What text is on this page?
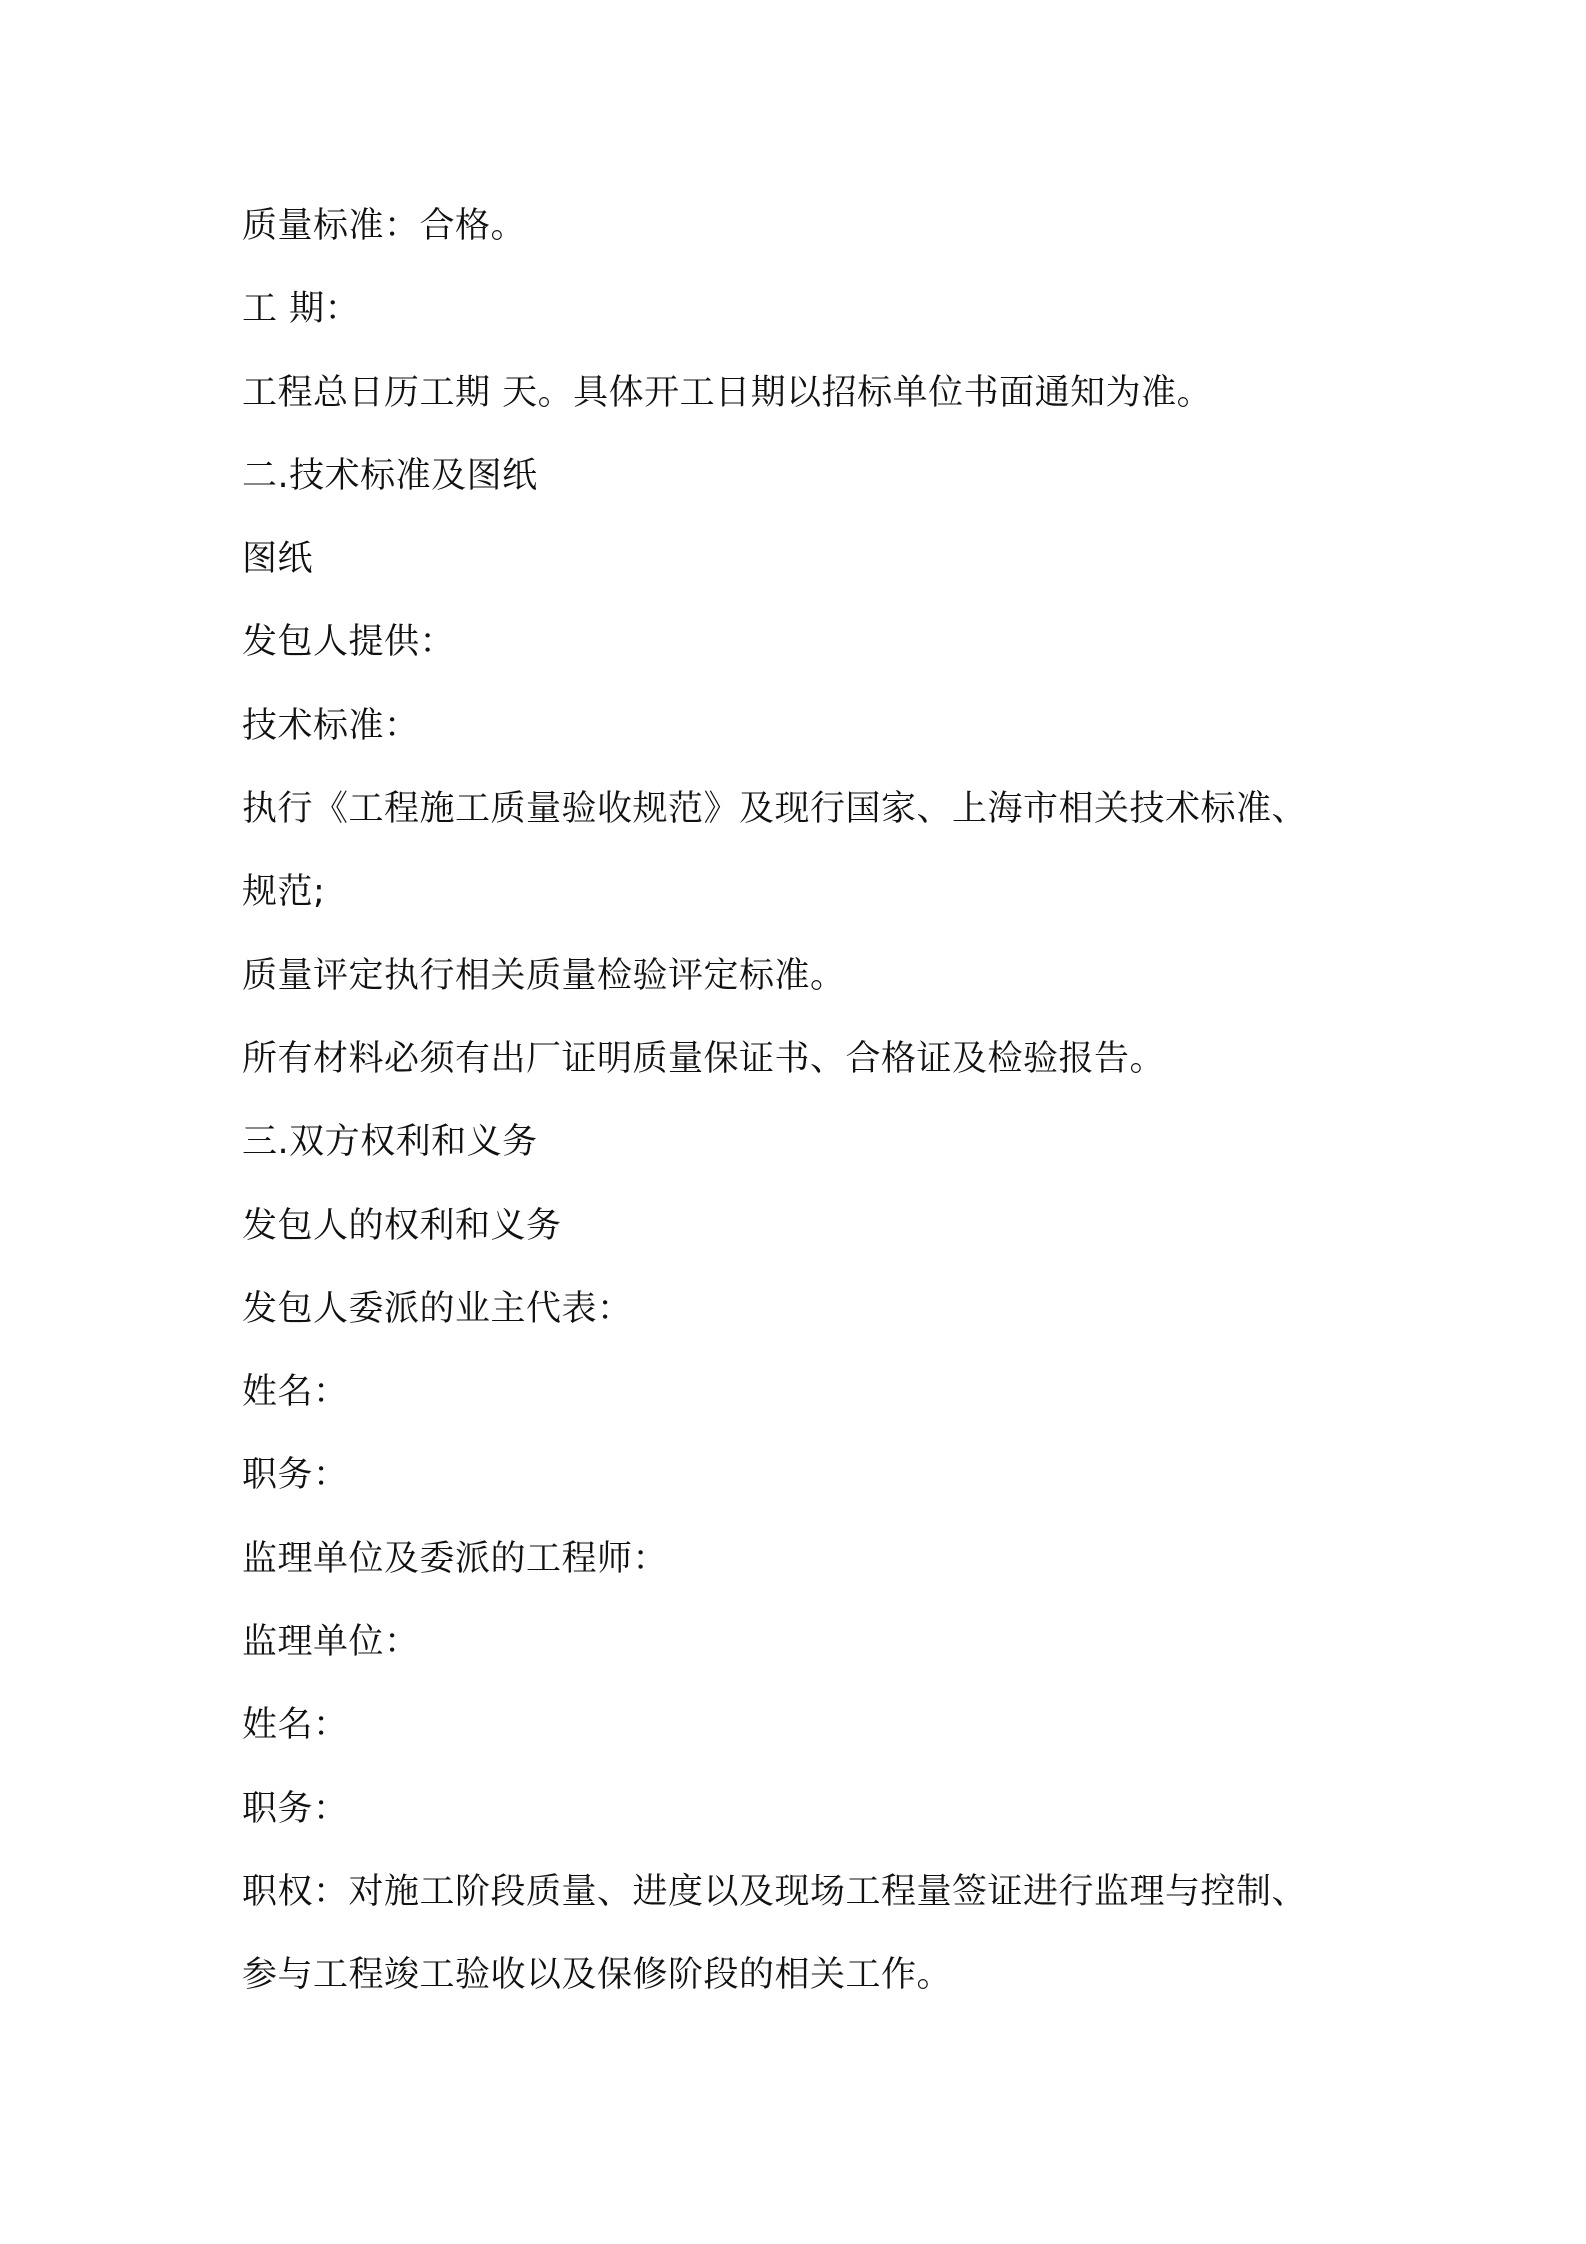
质量标准：合格。
工 期：
工程总日历工期 天。具体开工日期以招标单位书面通知为准。
二.技术标准及图纸
图纸
发包人提供：
技术标准：
执行《工程施工质量验收规范》及现行国家、上海市相关技术标准、
规范;
质量评定执行相关质量检验评定标准。
所有材料必须有出厂证明质量保证书、合格证及检验报告。
三.双方权利和义务
发包人的权利和义务
发包人委派的业主代表：
姓名：
职务：
监理单位及委派的工程师：
监理单位：
姓名：
职务：
职权：对施工阶段质量、进度以及现场工程量签证进行监理与控制、
参与工程竣工验收以及保修阶段的相关工作。
